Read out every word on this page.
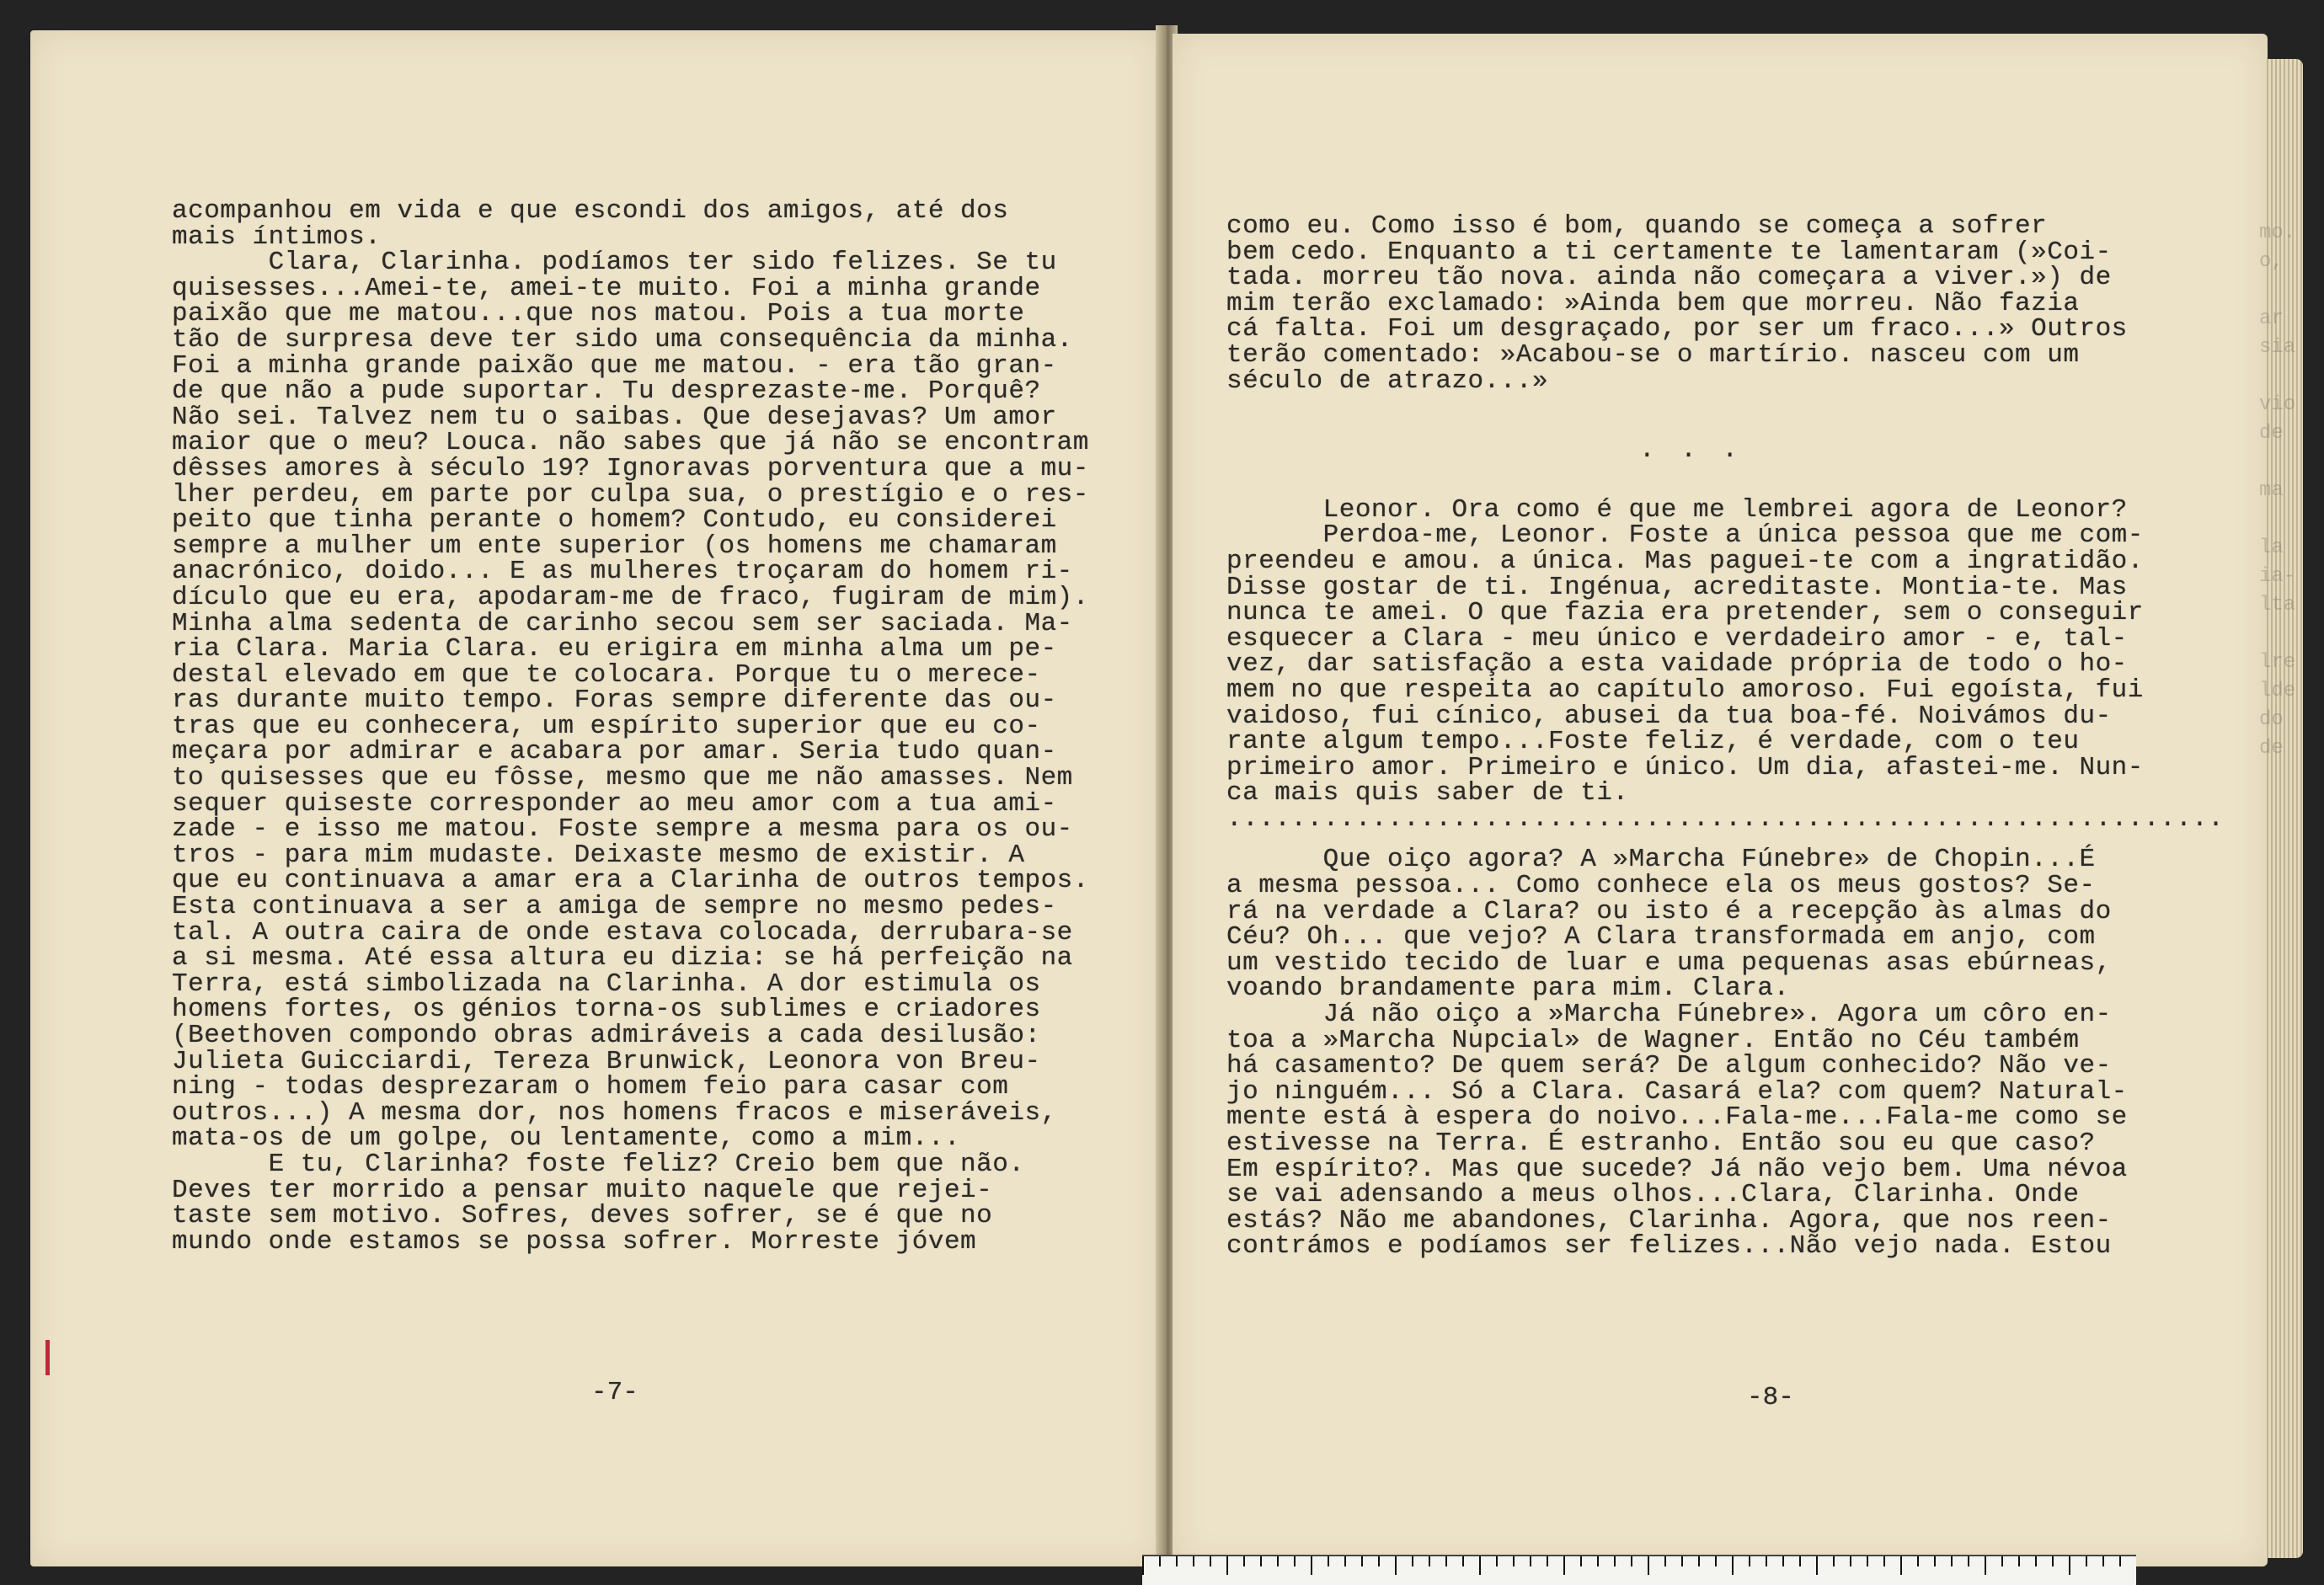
acompanhou em vida e que escondi dos amigos, até dos
mais íntimos.
Clara, Clarinha. podíamos ter sido felizes. Se tu
quisesses...Amei-te, amei-te muito. Foi a minha grande
paixão que me matou...que nos matou. Pois a tua morte
tão de surpresa deve ter sido uma consequência da minha.
Foi a minha grande paixão que me matou. - era tão gran-
de que não a pude suportar. Tu desprezaste-me. Porquê?
Não sei. Talvez nem tu o saibas. Que desejavas? Um amor
maior que o meu? Louca. não sabes que já não se encontram
dêsses amores à século 19? Ignoravas porventura que a mu-
lher perdeu, em parte por culpa sua, o prestígio e o res-
peito que tinha perante o homem? Contudo, eu considerei
sempre a mulher um ente superior (os homens me chamaram
anacrónico, doido... E as mulheres troçaram do homem ri-
dículo que eu era, apodaram-me de fraco, fugiram de mim).
Minha alma sedenta de carinho secou sem ser saciada. Ma-
ria Clara. Maria Clara. eu erigira em minha alma um pe-
destal elevado em que te colocara. Porque tu o merece-
ras durante muito tempo. Foras sempre diferente das ou-
tras que eu conhecera, um espírito superior que eu co-
meçara por admirar e acabara por amar. Seria tudo quan-
to quisesses que eu fôsse, mesmo que me não amasses. Nem
sequer quiseste corresponder ao meu amor com a tua ami-
zade - e isso me matou. Foste sempre a mesma para os ou-
tros - para mim mudaste. Deixaste mesmo de existir. A
que eu continuava a amar era a Clarinha de outros tempos.
Esta continuava a ser a amiga de sempre no mesmo pedes-
tal. A outra caira de onde estava colocada, derrubara-se
a si mesma. Até essa altura eu dizia: se há perfeição na
Terra, está simbolizada na Clarinha. A dor estimula os
homens fortes, os génios torna-os sublimes e criadores
(Beethoven compondo obras admiráveis a cada desilusão:
Julieta Guicciardi, Tereza Brunwick, Leonora von Breu-
ning - todas desprezaram o homem feio para casar com
outros...) A mesma dor, nos homens fracos e miseráveis,
mata-os de um golpe, ou lentamente, como a mim...
E tu, Clarinha? foste feliz? Creio bem que não.
Deves ter morrido a pensar muito naquele que rejei-
taste sem motivo. Sofres, deves sofrer, se é que no
mundo onde estamos se possa sofrer. Morreste jóvem
-7-
como eu. Como isso é bom, quando se começa a sofrer
bem cedo. Enquanto a ti certamente te lamentaram (»Coi-
tada. morreu tão nova. ainda não começara a viver.») de
mim terão exclamado: »Ainda bem que morreu. Não fazia
cá falta. Foi um desgraçado, por ser um fraco...» Outros
terão comentado: »Acabou-se o martírio. nasceu com um
século de atrazo...»

. . .

Leonor. Ora como é que me lembrei agora de Leonor?
Perdoa-me, Leonor. Foste a única pessoa que me com-
preendeu e amou. a única. Mas paguei-te com a ingratidão.
Disse gostar de ti. Ingénua, acreditaste. Montia-te. Mas
nunca te amei. O que fazia era pretender, sem o conseguir
esquecer a Clara - meu único e verdadeiro amor - e, tal-
vez, dar satisfação a esta vaidade própria de todo o ho-
mem no que respeita ao capítulo amoroso. Fui egoísta, fui
vaidoso, fui cínico, abusei da tua boa-fé. Noivámos du-
rante algum tempo...Foste feliz, é verdade, com o teu
primeiro amor. Primeiro e único. Um dia, afastei-me. Nun-
ca mais quis saber de ti.
..............................................................

Que oiço agora? A »Marcha Fúnebre» de Chopin...É
a mesma pessoa... Como conhece ela os meus gostos? Se-
rá na verdade a Clara? ou isto é a recepção às almas do
Céu? Oh... que vejo? A Clara transformada em anjo, com
um vestido tecido de luar e uma pequenas asas ebúrneas,
voando brandamente para mim. Clara.
Já não oiço a »Marcha Fúnebre». Agora um côro en-
toa a »Marcha Nupcial» de Wagner. Então no Céu também
há casamento? De quem será? De algum conhecido? Não ve-
jo ninguém... Só a Clara. Casará ela? com quem? Natural-
mente está à espera do noivo...Fala-me...Fala-me como se
estivesse na Terra. É estranho. Então sou eu que caso?
Em espírito?. Mas que sucede? Já não vejo bem. Uma névoa
se vai adensando a meus olhos...Clara, Clarinha. Onde
estás? Não me abandones, Clarinha. Agora, que nos reen-
contrámos e podíamos ser felizes...Não vejo nada. Estou
-8-
mo.
o,

ar
sia

vio
de

ma

la
ia-
lta

lre
lde
do
de
